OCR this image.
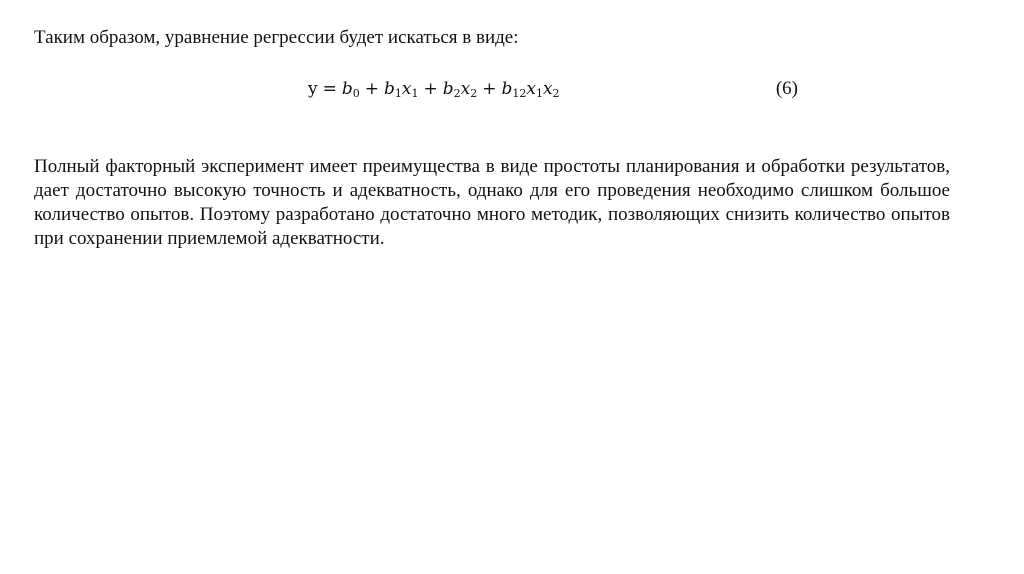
Таким образом, уравнение регрессии будет искаться в виде:

$y = b_0 + b_1x_1 + b_2x_2 + b_{12}x_1x_2$	(6)

Полный факторный эксперимент имеет преимущества в виде простоты планирования и обработки результатов, дает достаточно высокую точность и адекватность, однако для его проведения необходимо слишком большое количество опытов. Поэтому разработано достаточно много методик, позволяющих снизить количество опытов при сохранении приемлемой адекватности.
